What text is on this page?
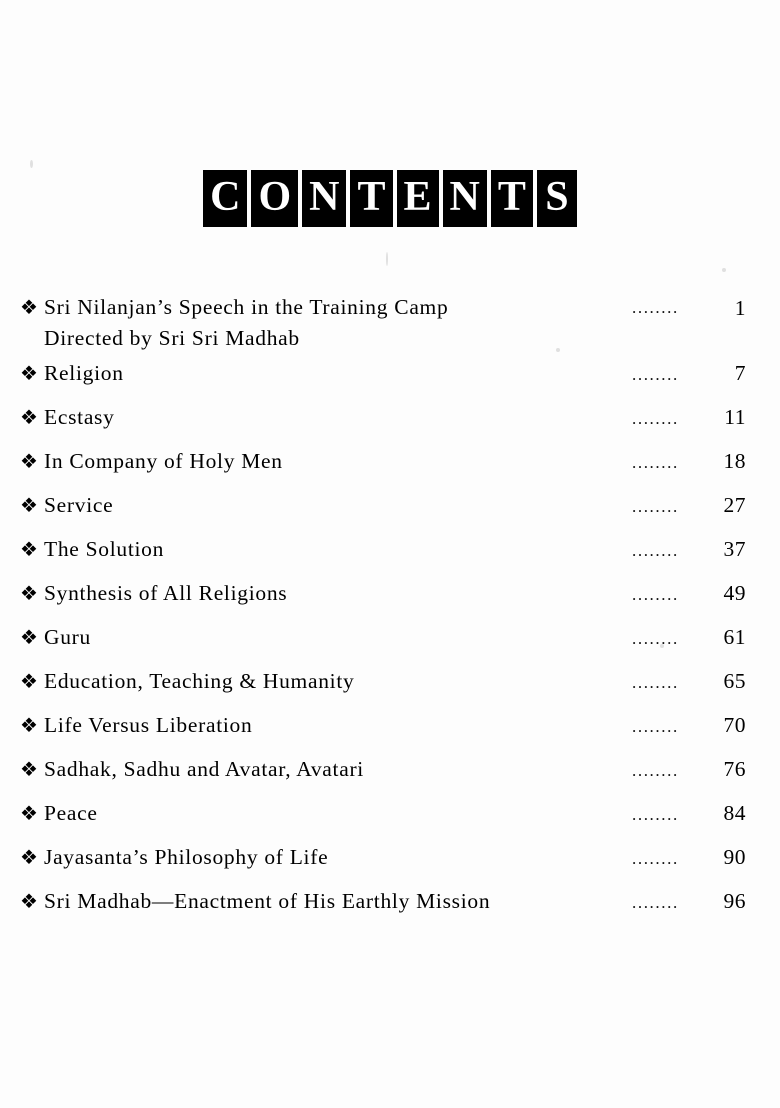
C O N T E N T S
❖ Sri Nilanjan’s Speech in the Training Camp
Directed by Sri Sri Madhab
........	1
❖ Religion	........	7
❖ Ecstasy	........	11
❖ In Company of Holy Men	........	18
❖ Service	........	27
❖ The Solution	........	37
❖ Synthesis of All Religions	........	49
❖ Guru	........	61
❖ Education, Teaching & Humanity	........	65
❖ Life Versus Liberation	........	70
❖ Sadhak, Sadhu and Avatar, Avatari	........	76
❖ Peace	........	84
❖ Jayasanta’s Philosophy of Life	........	90
❖ Sri Madhab—Enactment of His Earthly Mission	........	96
